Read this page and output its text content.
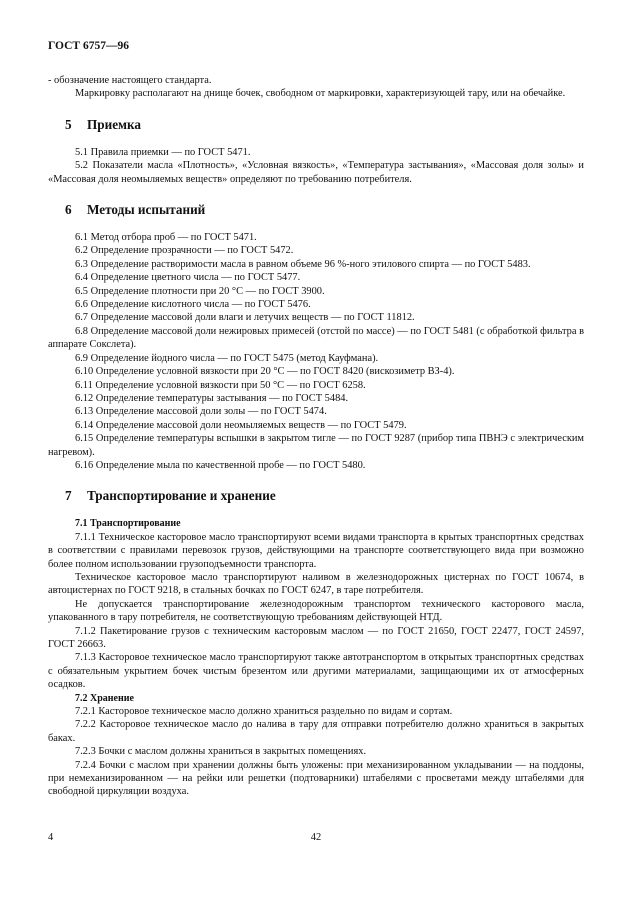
ГОСТ 6757—96

- обозначение настоящего стандарта.

Маркировку располагают на днище бочек, свободном от маркировки, характеризующей тару, или на обечайке.

5 Приемка

5.1 Правила приемки — по ГОСТ 5471.

5.2 Показатели масла «Плотность», «Условная вязкость», «Температура застывания», «Массовая доля золы» и «Массовая доля неомыляемых веществ» определяют по требованию потребителя.

6 Методы испытаний

6.1 Метод отбора проб — по ГОСТ 5471.

6.2 Определение прозрачности — по ГОСТ 5472.

6.3 Определение растворимости масла в равном объеме 96 %-ного этилового спирта — по ГОСТ 5483.

6.4 Определение цветного числа — по ГОСТ 5477.

6.5 Определение плотности при 20 °С — по ГОСТ 3900.

6.6 Определение кислотного числа — по ГОСТ 5476.

6.7 Определение массовой доли влаги и летучих веществ — по ГОСТ 11812.

6.8 Определение массовой доли нежировых примесей (отстой по массе) — по ГОСТ 5481 (с обработкой фильтра в аппарате Сокслета).

6.9 Определение йодного числа — по ГОСТ 5475 (метод Кауфмана).

6.10 Определение условной вязкости при 20 °С — по ГОСТ 8420 (вискозиметр ВЗ-4).

6.11 Определение условной вязкости при 50 °С — по ГОСТ 6258.

6.12 Определение температуры застывания — по ГОСТ 5484.

6.13 Определение массовой доли золы — по ГОСТ 5474.

6.14 Определение массовой доли неомыляемых веществ — по ГОСТ 5479.

6.15 Определение температуры вспышки в закрытом тигле — по ГОСТ 9287 (прибор типа ПВНЭ с электрическим нагревом).

6.16 Определение мыла по качественной пробе — по ГОСТ 5480.

7 Транспортирование и хранение

7.1 Транспортирование

7.1.1 Техническое касторовое масло транспортируют всеми видами транспорта в крытых транспортных средствах в соответствии с правилами перевозок грузов, действующими на транспорте соответствующего вида при возможно более полном использовании грузоподъемности транспорта.

Техническое касторовое масло транспортируют наливом в железнодорожных цистернах по ГОСТ 10674, в автоцистернах по ГОСТ 9218, в стальных бочках по ГОСТ 6247, в таре потребителя.

Не допускается транспортирование железнодорожным транспортом технического касторового масла, упакованного в тару потребителя, не соответствующую требованиям действующей НТД.

7.1.2 Пакетирование грузов с техническим касторовым маслом — по ГОСТ 21650, ГОСТ 22477, ГОСТ 24597, ГОСТ 26663.

7.1.3 Касторовое техническое масло транспортируют также автотранспортом в открытых транспортных средствах с обязательным укрытием бочек чистым брезентом или другими материалами, защищающими их от атмосферных осадков.

7.2 Хранение

7.2.1 Касторовое техническое масло должно храниться раздельно по видам и сортам.

7.2.2 Касторовое техническое масло до налива в тару для отправки потребителю должно храниться в закрытых баках.

7.2.3 Бочки с маслом должны храниться в закрытых помещениях.

7.2.4 Бочки с маслом при хранении должны быть уложены: при механизированном укладывании — на поддоны, при немеханизированном — на рейки или решетки (подтоварники) штабелями с просветами между штабелями для свободной циркуляции воздуха.

4	42
